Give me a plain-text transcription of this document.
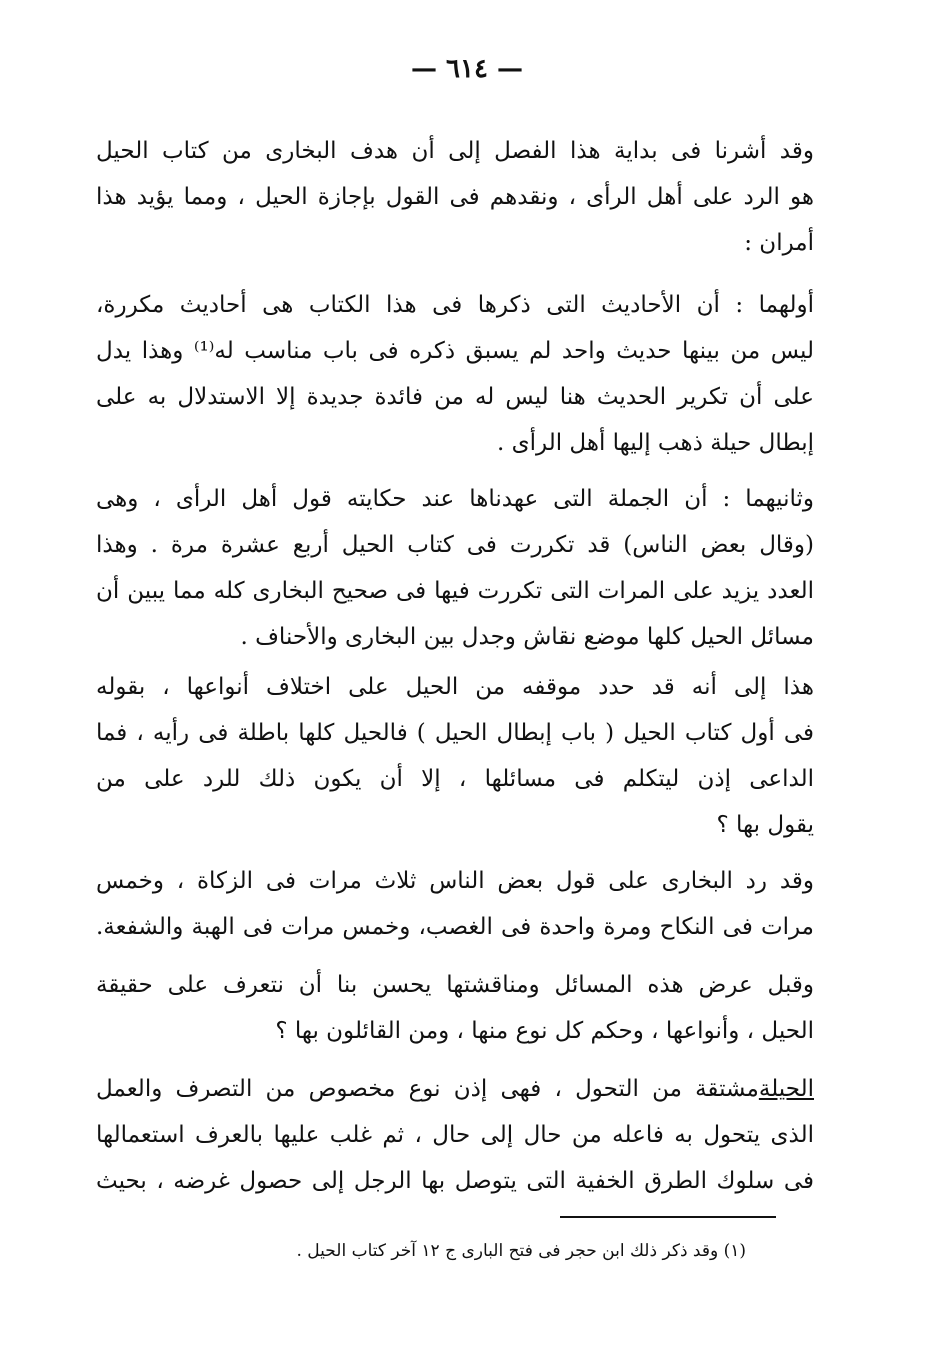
— ٦١٤ —
وقد أشرنا فى بداية هذا الفصل إلى أن هدف البخارى من كتاب الحيل
هو الرد على أهل الرأى ، ونقدهم فى القول بإجازة الحيل ، ومما يؤيد هذا
أمران :
أولهما : أن الأحاديث التى ذكرها فى هذا الكتاب هى أحاديث مكررة،
ليس من بينها حديث واحد لم يسبق ذكره فى باب مناسب له⁽¹⁾ وهذا يدل
على أن تكرير الحديث هنا ليس له من فائدة جديدة إلا الاستدلال به على
إبطال حيلة ذهب إليها أهل الرأى .
وثانيهما : أن الجملة التى عهدناها عند حكايته قول أهل الرأى ، وهى
(وقال بعض الناس) قد تكررت فى كتاب الحيل أربع عشرة مرة . وهذا
العدد يزيد على المرات التى تكررت فيها فى صحيح البخارى كله مما يبين أن
مسائل الحيل كلها موضع نقاش وجدل بين البخارى والأحناف .
هذا إلى أنه قد حدد موقفه من الحيل على اختلاف أنواعها ، بقوله
فى أول كتاب الحيل ( باب إبطال الحيل ) فالحيل كلها باطلة فى رأيه ، فما
الداعى إذن ليتكلم فى مسائلها ، إلا أن يكون ذلك للرد على من
يقول بها ؟
وقد رد البخارى على قول بعض الناس ثلاث مرات فى الزكاة ، وخمس
مرات فى النكاح ومرة واحدة فى الغصب، وخمس مرات فى الهبة والشفعة.
وقبل عرض هذه المسائل ومناقشتها يحسن بنا أن نتعرف على حقيقة
الحيل ، وأنواعها ، وحكم كل نوع منها ، ومن القائلون بها ؟
الحيلةمشتقة من التحول ، فهى إذن نوع مخصوص من التصرف والعمل
الذى يتحول به فاعله من حال إلى حال ، ثم غلب عليها بالعرف استعمالها
فى سلوك الطرق الخفية التى يتوصل بها الرجل إلى حصول غرضه ، بحيث
(١) وقد ذكر ذلك ابن حجر فى فتح البارى ج ١٢ آخر كتاب الحيل .
